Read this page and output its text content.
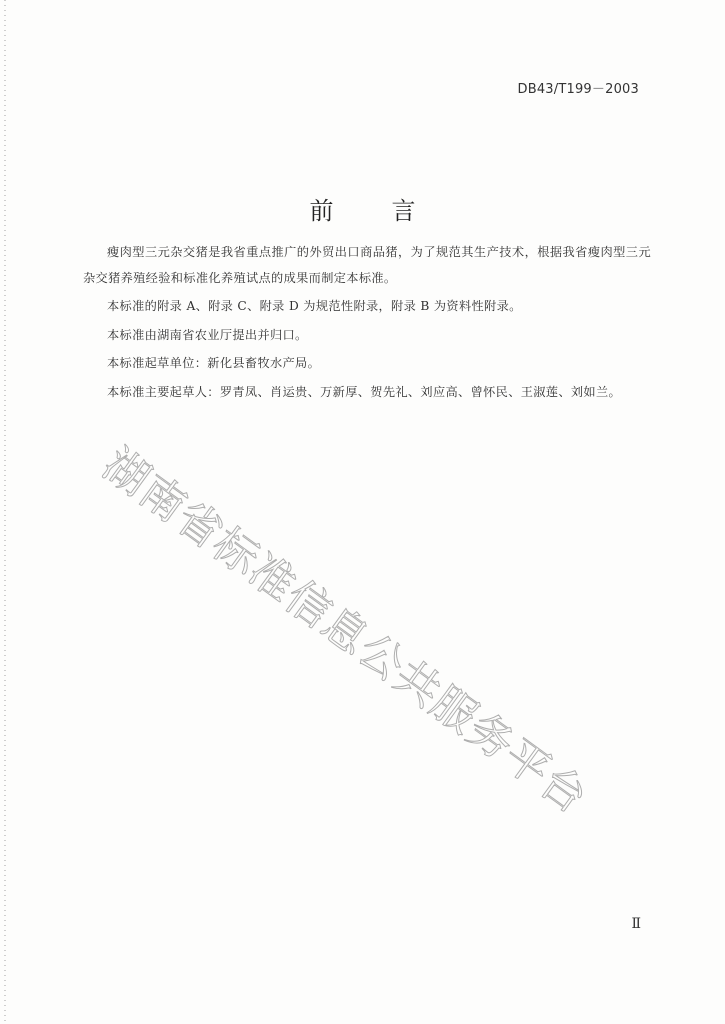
DB43/T199－2003
前言

瘦肉型三元杂交猪是我省重点推广的外贸出口商品猪，为了规范其生产技术，根据我省瘦肉型三元杂交猪养殖经验和标准化养殖试点的成果而制定本标准。

本标准的附录 A、附录 C、附录 D 为规范性附录，附录 B 为资料性附录。

本标准由湖南省农业厅提出并归口。

本标准起草单位：新化县畜牧水产局。

本标准主要起草人：罗青凤、肖运贵、万新厚、贺先礼、刘应高、曾怀民、王淑莲、刘如兰。

湖南省标准信息公共服务平台
Ⅱ
